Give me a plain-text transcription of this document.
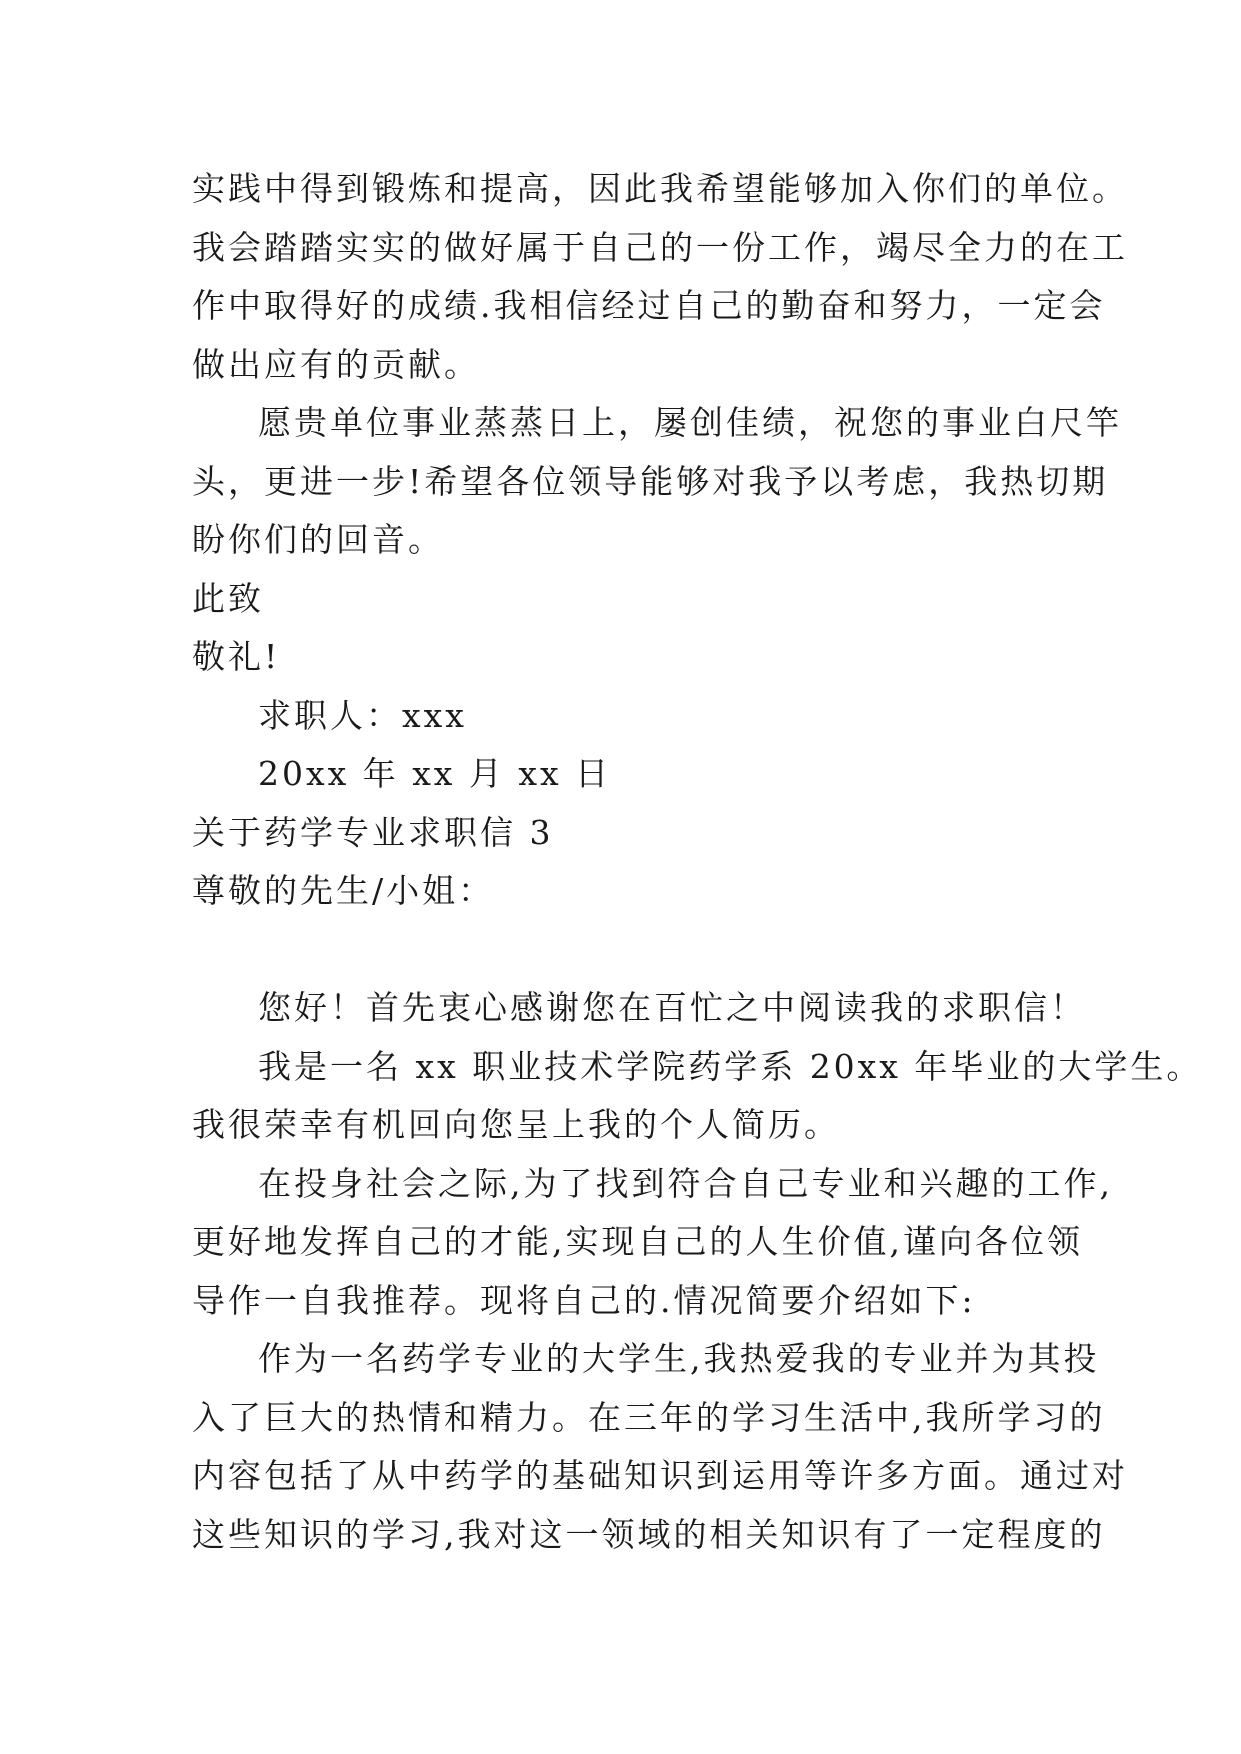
实践中得到锻炼和提高，因此我希望能够加入你们的单位。
我会踏踏实实的做好属于自己的一份工作，竭尽全力的在工
作中取得好的成绩.我相信经过自己的勤奋和努力，一定会
做出应有的贡献。
愿贵单位事业蒸蒸日上，屡创佳绩，祝您的事业白尺竿
头，更进一步!希望各位领导能够对我予以考虑，我热切期
盼你们的回音。
此致
敬礼!
求职人：xxx
20xx 年 xx 月 xx 日
关于药学专业求职信 3
尊敬的先生/小姐：
您好！首先衷心感谢您在百忙之中阅读我的求职信！
我是一名 xx 职业技术学院药学系 20xx 年毕业的大学生。
我很荣幸有机回向您呈上我的个人简历。
在投身社会之际,为了找到符合自己专业和兴趣的工作,
更好地发挥自己的才能,实现自己的人生价值,谨向各位领
导作一自我推荐。现将自己的.情况简要介绍如下:
作为一名药学专业的大学生,我热爱我的专业并为其投
入了巨大的热情和精力。在三年的学习生活中,我所学习的
内容包括了从中药学的基础知识到运用等许多方面。通过对
这些知识的学习,我对这一领域的相关知识有了一定程度的
